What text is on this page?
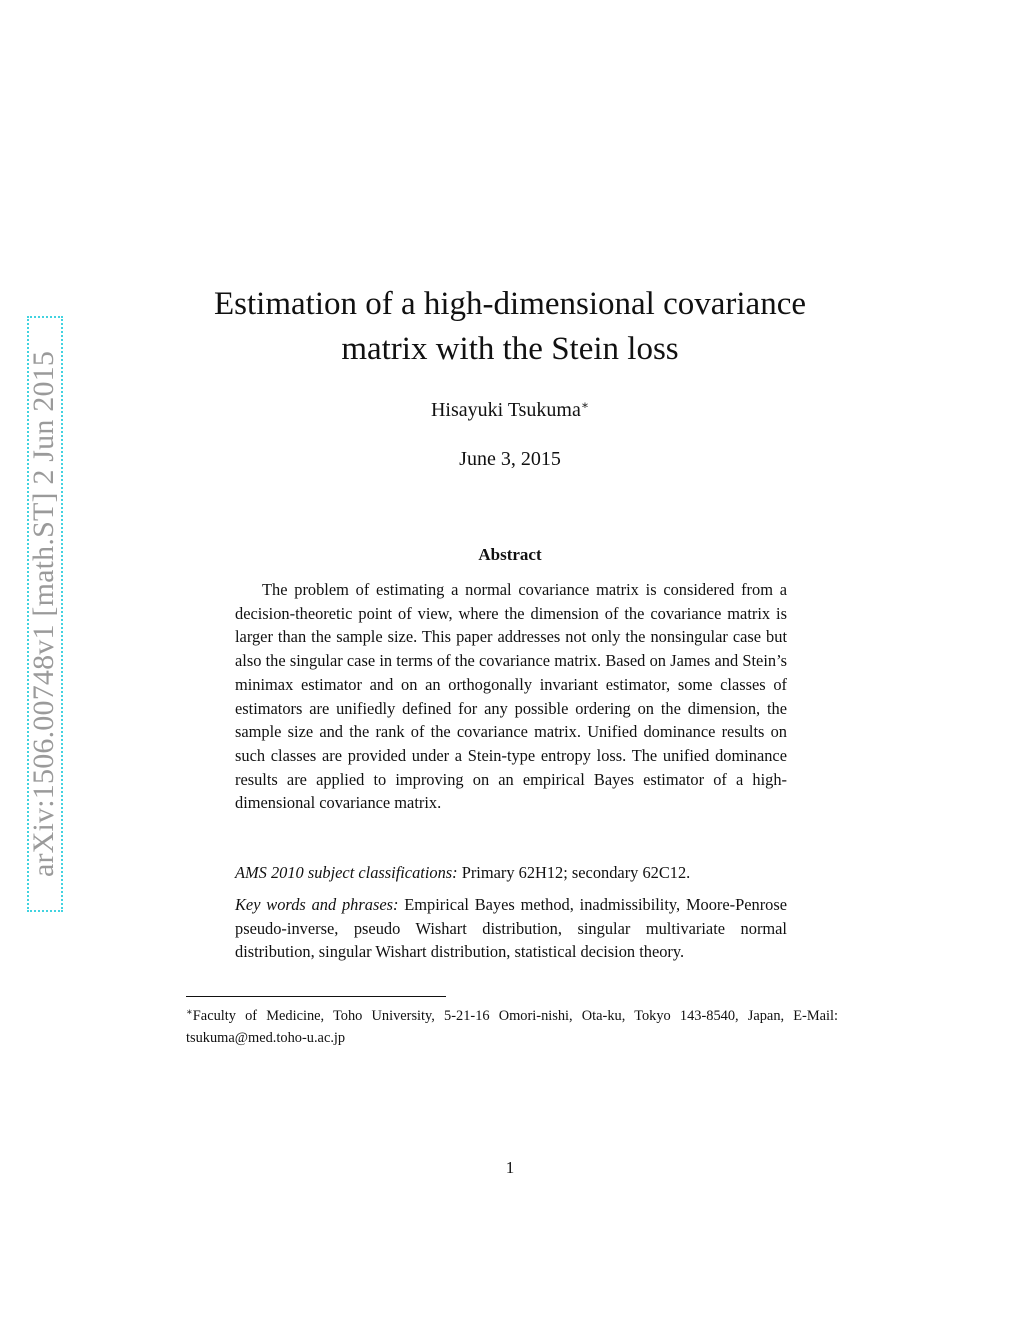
arXiv:1506.00748v1 [math.ST] 2 Jun 2015
Estimation of a high-dimensional covariance
matrix with the Stein loss
Hisayuki Tsukuma∗
June 3, 2015
Abstract

The problem of estimating a normal covariance matrix is considered from a decision-theoretic point of view, where the dimension of the covariance matrix is larger than the sample size. This paper addresses not only the nonsingular case but also the singular case in terms of the covariance matrix. Based on James and Stein’s minimax estimator and on an orthogonally invariant estimator, some classes of estimators are unifiedly defined for any possible ordering on the dimension, the sample size and the rank of the covariance matrix. Unified dominance results on such classes are provided under a Stein-type entropy loss. The unified dominance results are applied to improving on an empirical Bayes estimator of a high-dimensional covariance matrix.

AMS 2010 subject classifications: Primary 62H12; secondary 62C12.

Key words and phrases: Empirical Bayes method, inadmissibility, Moore-Penrose pseudo-inverse, pseudo Wishart distribution, singular multivariate normal distribution, singular Wishart distribution, statistical decision theory.

∗Faculty of Medicine, Toho University, 5-21-16 Omori-nishi, Ota-ku, Tokyo 143-8540, Japan, E-Mail: tsukuma@med.toho-u.ac.jp

1
